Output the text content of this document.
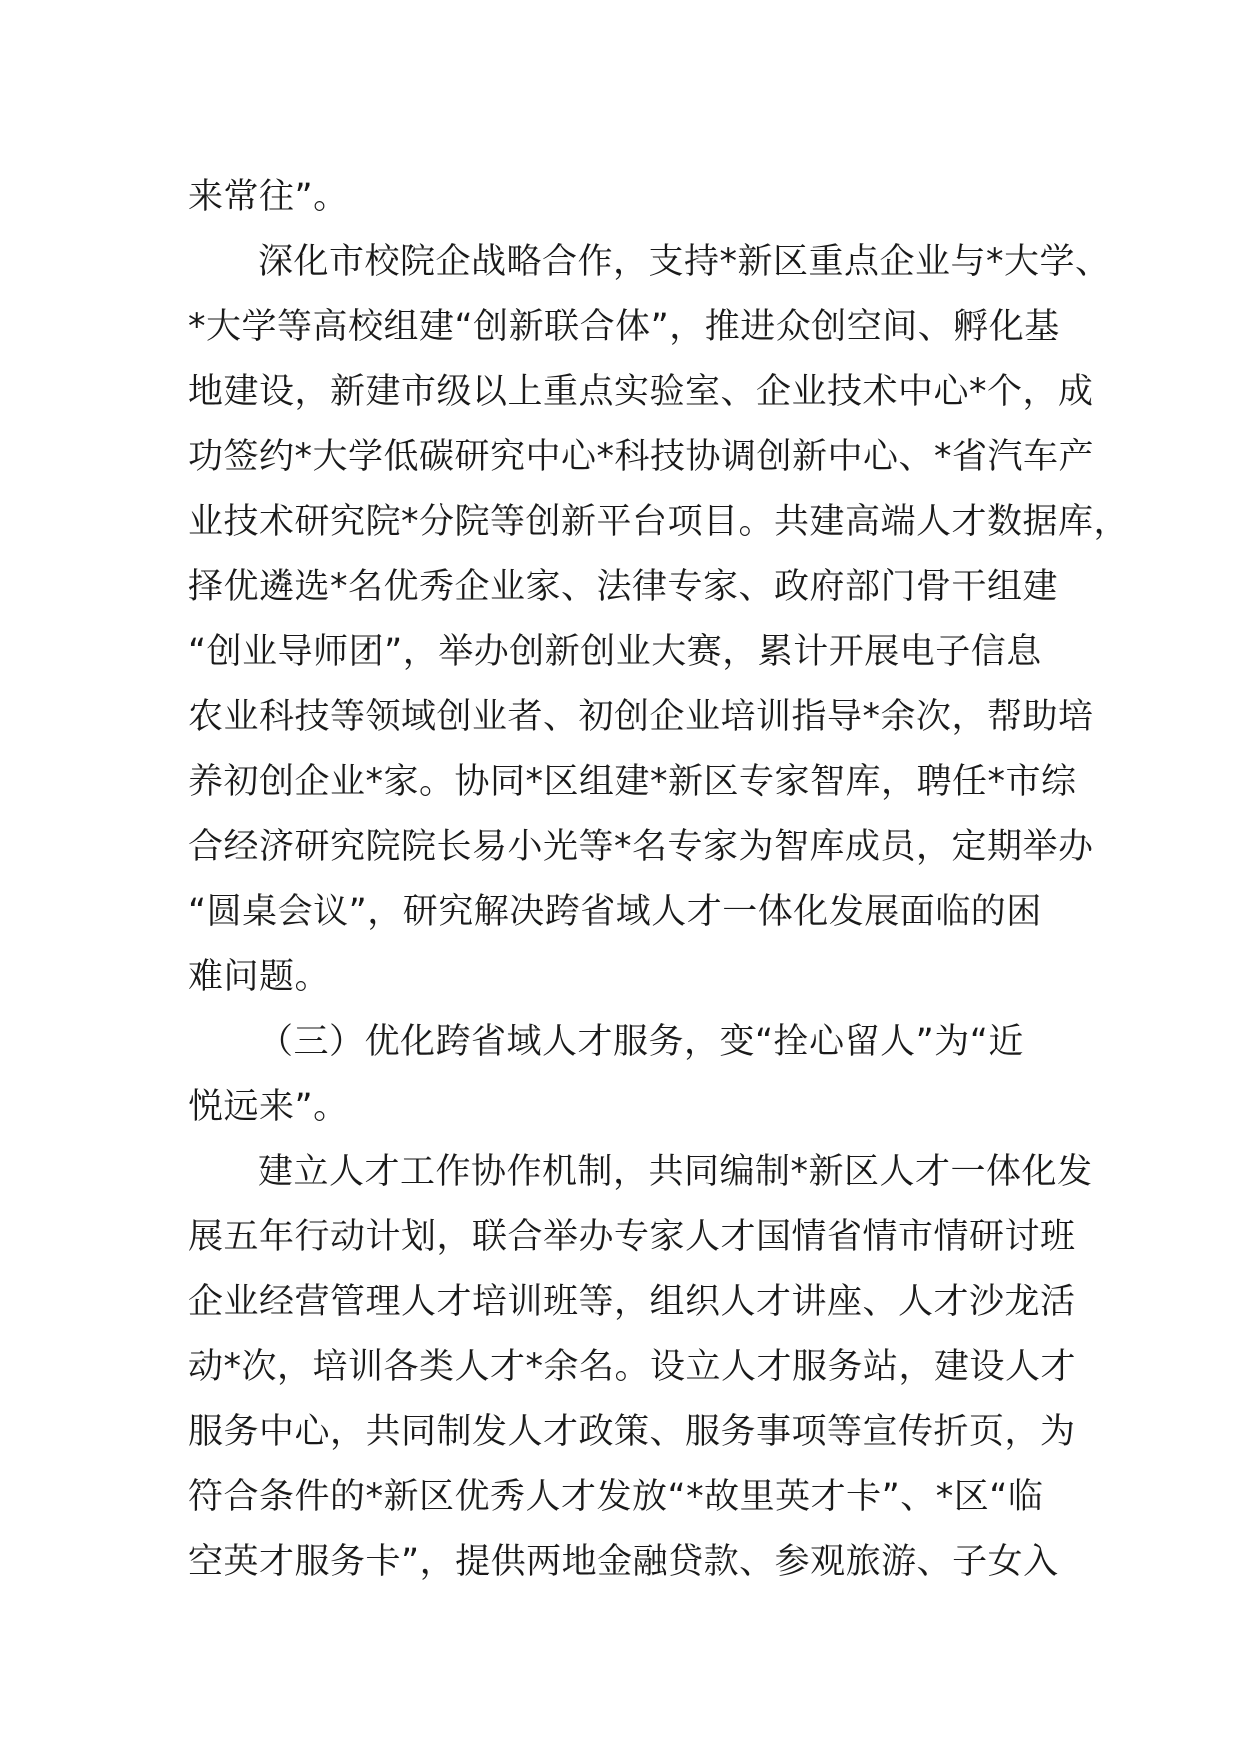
来常往”。
深化市校院企战略合作，支持*新区重点企业与*大学、
*大学等高校组建“创新联合体”，推进众创空间、孵化基
地建设，新建市级以上重点实验室、企业技术中心*个，成
功签约*大学低碳研究中心*科技协调创新中心、*省汽车产
业技术研究院*分院等创新平台项目。共建高端人才数据库，
择优遴选*名优秀企业家、法律专家、政府部门骨干组建
“创业导师团”，举办创新创业大赛，累计开展电子信息
农业科技等领域创业者、初创企业培训指导*余次，帮助培
养初创企业*家。协同*区组建*新区专家智库，聘任*市综
合经济研究院院长易小光等*名专家为智库成员，定期举办
“圆桌会议”，研究解决跨省域人才一体化发展面临的困
难问题。
（三）优化跨省域人才服务，变“拴心留人”为“近
悦远来”。
建立人才工作协作机制，共同编制*新区人才一体化发
展五年行动计划，联合举办专家人才国情省情市情研讨班
企业经营管理人才培训班等，组织人才讲座、人才沙龙活
动*次，培训各类人才*余名。设立人才服务站，建设人才
服务中心，共同制发人才政策、服务事项等宣传折页，为
符合条件的*新区优秀人才发放“*故里英才卡”、*区“临
空英才服务卡”，提供两地金融贷款、参观旅游、子女入
